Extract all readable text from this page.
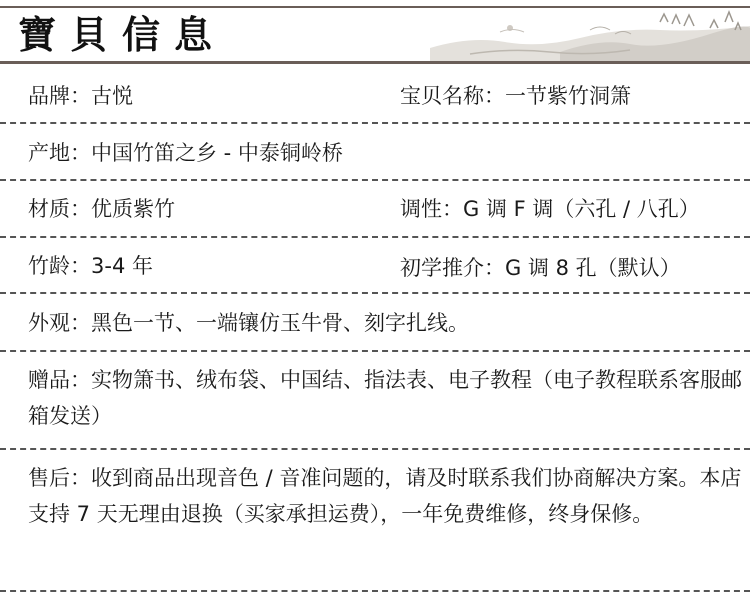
寶貝信息
品牌：古悦	宝贝名称：一节紫竹洞箫
产地：中国竹笛之乡 - 中泰铜岭桥
材质：优质紫竹	调性：G 调 F 调（六孔 / 八孔）
竹龄：3-4 年	初学推介：G 调 8 孔（默认）
外观：黑色一节、一端镶仿玉牛骨、刻字扎线。
赠品：实物箫书、绒布袋、中国结、指法表、电子教程（电子教程联系客服邮箱发送）
售后：收到商品出现音色 / 音准问题的，请及时联系我们协商解决方案。本店支持 7 天无理由退换（买家承担运费），一年免费维修，终身保修。
